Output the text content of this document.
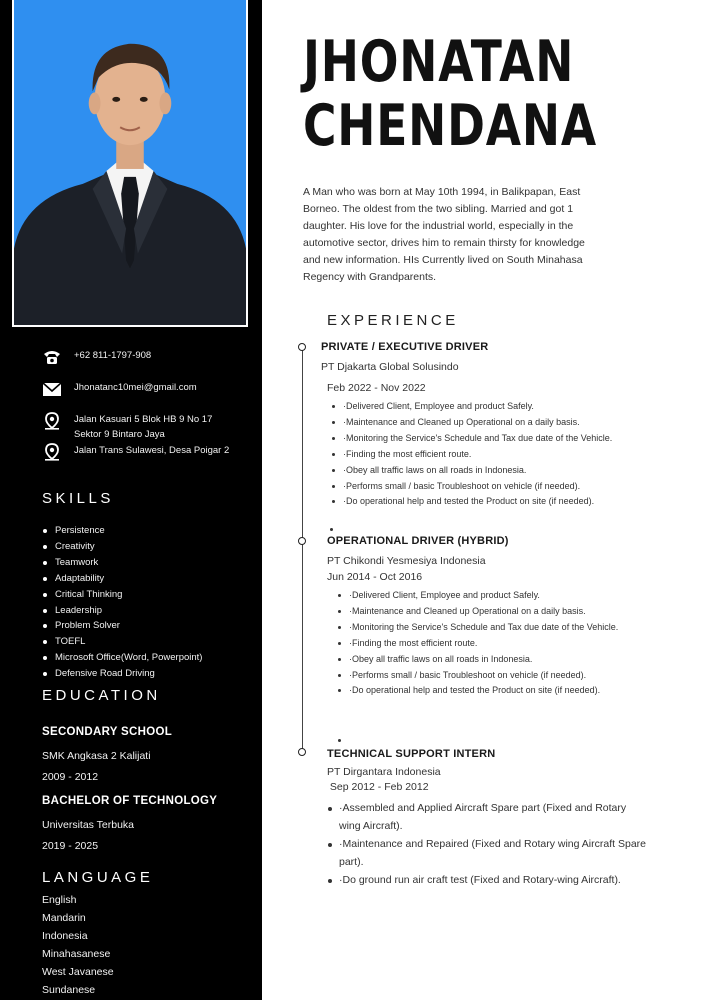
+62 811-1797-908
Jhonatanc10mei@gmail.com
Jalan Kasuari 5 Blok HB 9 No 17
Sektor 9 Bintaro Jaya
Jalan Trans Sulawesi, Desa Poigar 2
SKILLS
Persistence
Creativity
Teamwork
Adaptability
Critical Thinking
Leadership
Problem Solver
TOEFL
Microsoft Office(Word, Powerpoint)
Defensive Road Driving
EDUCATION
SECONDARY SCHOOL
SMK Angkasa 2 Kalijati
2009 - 2012
BACHELOR OF TECHNOLOGY
Universitas Terbuka
2019 - 2025
LANGUAGE
English
Mandarin
Indonesia
Minahasanese
West Javanese
Sundanese
JHONATAN
CHENDANA

A Man who was born at May 10th 1994, in Balikpapan, East Borneo. The oldest from the two sibling. Married and got 1 daughter. His love for the industrial world, especially in the automotive sector, drives him to remain thirsty for knowledge and new information. HIs Currently lived on South Minahasa Regency with Grandparents.

EXPERIENCE
PRIVATE / EXECUTIVE DRIVER
PT Djakarta Global Solusindo
Feb 2022 - Nov 2022
·Delivered Client, Employee and product Safely.
·Maintenance and Cleaned up Operational on a daily basis.
·Monitoring the Service's Schedule and Tax due date of the Vehicle.
·Finding the most efficient route.
·Obey all traffic laws on all roads in Indonesia.
·Performs small / basic Troubleshoot on vehicle (if needed).
·Do operational help and tested the Product on site (if needed).
OPERATIONAL DRIVER (HYBRID)
PT Chikondi Yesmesiya Indonesia
Jun 2014 - Oct 2016
·Delivered Client, Employee and product Safely.
·Maintenance and Cleaned up Operational on a daily basis.
·Monitoring the Service's Schedule and Tax due date of the Vehicle.
·Finding the most efficient route.
·Obey all traffic laws on all roads in Indonesia.
·Performs small / basic Troubleshoot on vehicle (if needed).
·Do operational help and tested the Product on site (if needed).
TECHNICAL SUPPORT INTERN
PT Dirgantara Indonesia
Sep 2012 - Feb 2012
·Assembled and Applied Aircraft Spare part (Fixed and Rotary wing Aircraft).
·Maintenance and Repaired (Fixed and Rotary wing Aircraft Spare part).
·Do ground run air craft test (Fixed and Rotary-wing Aircraft).
